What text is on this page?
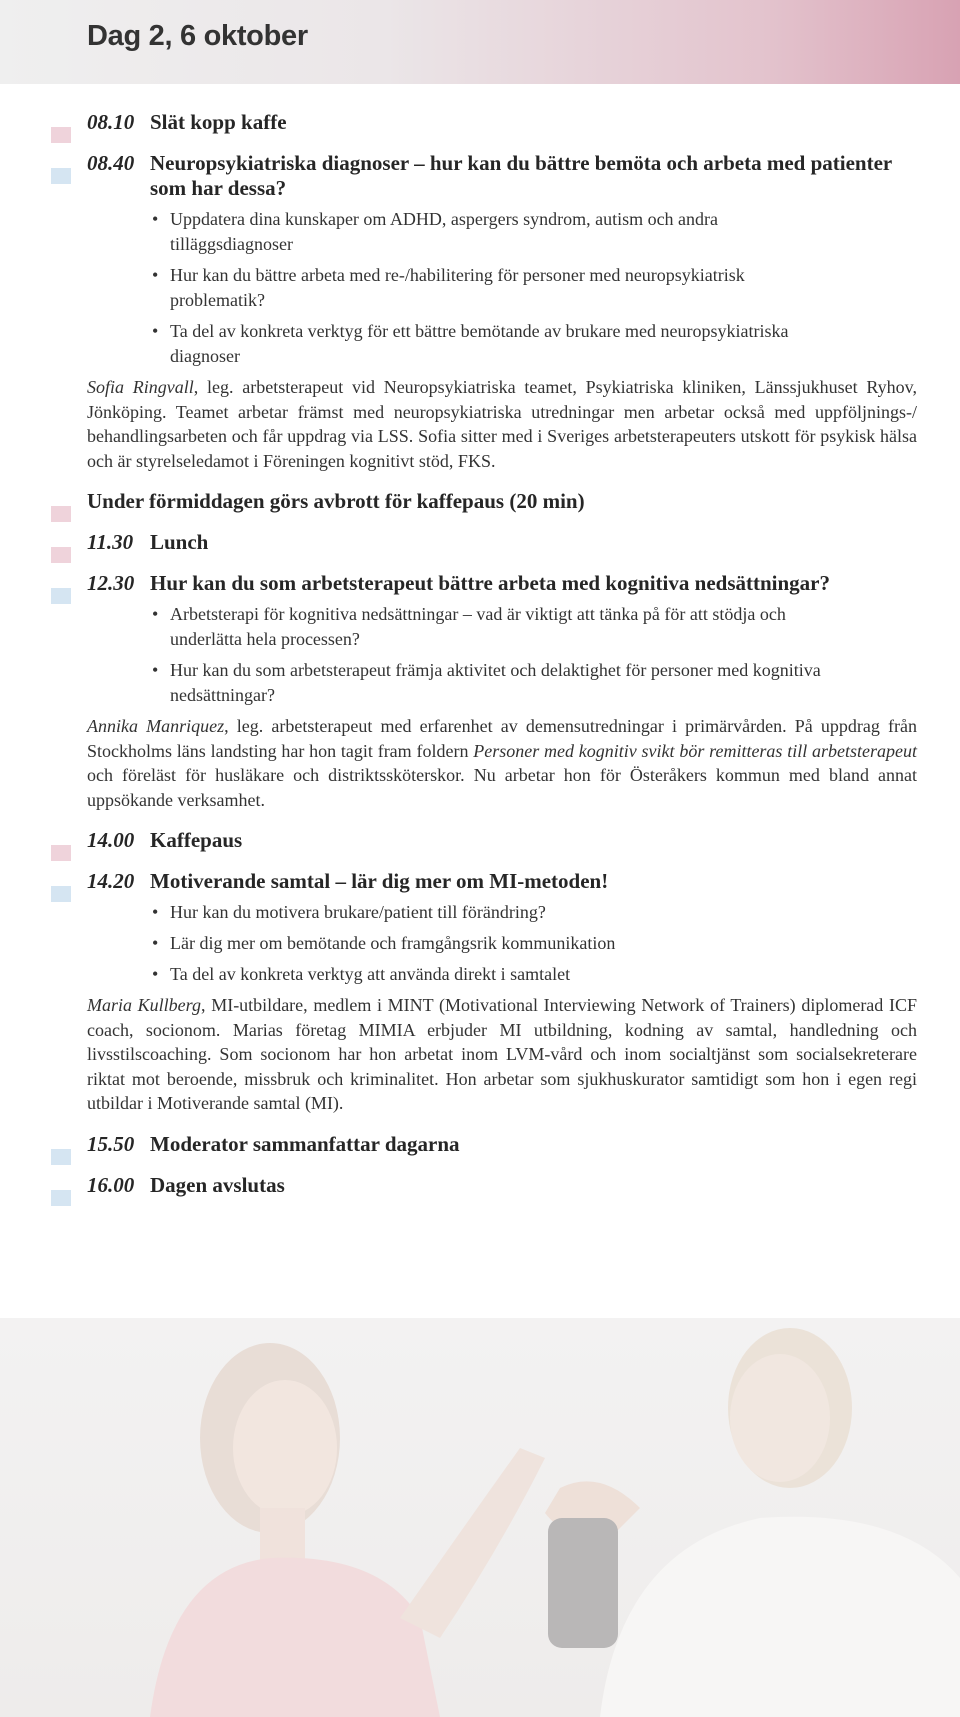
Dag 2, 6 oktober
08.10 Slät kopp kaffe
08.40 Neuropsykiatriska diagnoser – hur kan du bättre bemöta och arbeta med patienter som har dessa?
• Uppdatera dina kunskaper om ADHD, aspergers syndrom, autism och andra tilläggsdiagnoser
• Hur kan du bättre arbeta med re-/habilitering för personer med neuropsykiatrisk problematik?
• Ta del av konkreta verktyg för ett bättre bemötande av brukare med neuropsykiatriska diagnoser

Sofia Ringvall, leg. arbetsterapeut vid Neuropsykiatriska teamet, Psykiatriska kliniken, Länssjukhuset Ryhov, Jönköping. Teamet arbetar främst med neuropsykiatriska utredningar men arbetar också med uppföljnings-/ behandlingsarbeten och får uppdrag via LSS. Sofia sitter med i Sveriges arbetsterapeuters utskott för psykisk hälsa och är styrelseledamot i Föreningen kognitivt stöd, FKS.

Under förmiddagen görs avbrott för kaffepaus (20 min)
11.30 Lunch
12.30 Hur kan du som arbetsterapeut bättre arbeta med kognitiva nedsättningar?
• Arbetsterapi för kognitiva nedsättningar – vad är viktigt att tänka på för att stödja och underlätta hela processen?
• Hur kan du som arbetsterapeut främja aktivitet och delaktighet för personer med kognitiva nedsättningar?

Annika Manriquez, leg. arbetsterapeut med erfarenhet av demensutredningar i primärvården. På uppdrag från Stockholms läns landsting har hon tagit fram foldern Personer med kognitiv svikt bör remitteras till arbetsterapeut och föreläst för husläkare och distriktssköterskor. Nu arbetar hon för Österåkers kommun med bland annat uppsökande verksamhet.

14.00 Kaffepaus
14.20 Motiverande samtal – lär dig mer om MI-metoden!
• Hur kan du motivera brukare/patient till förändring?
• Lär dig mer om bemötande och framgångsrik kommunikation
• Ta del av konkreta verktyg att använda direkt i samtalet

Maria Kullberg, MI-utbildare, medlem i MINT (Motivational Interviewing Network of Trainers) diplomerad ICF coach, socionom. Marias företag MIMIA erbjuder MI utbildning, kodning av samtal, handledning och livsstilscoaching. Som socionom har hon arbetat inom LVM-vård och inom socialtjänst som socialsekreterare riktat mot beroende, missbruk och kriminalitet. Hon arbetar som sjukhuskurator samtidigt som hon i egen regi utbildar i Motiverande samtal (MI).

15.50 Moderator sammanfattar dagarna
16.00 Dagen avslutas
